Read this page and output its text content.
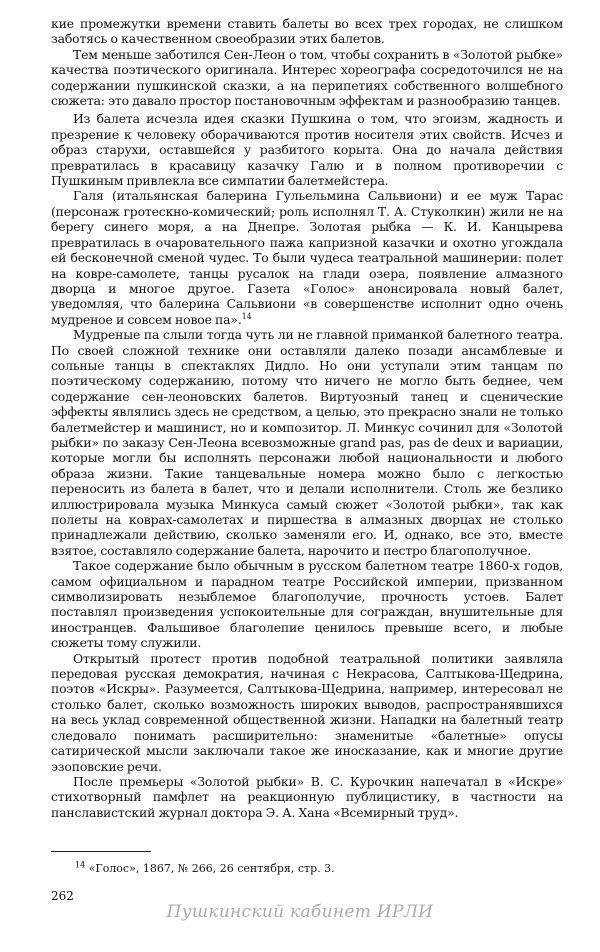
кие промежутки времени ставить балеты во всех трех городах, не слишком заботясь о качественном своеобразии этих балетов.

Тем меньше заботился Сен-Леон о том, чтобы сохранить в «Золотой рыбке» качества поэтического оригинала. Интерес хореографа сосредоточился не на содержании пушкинской сказки, а на перипетиях собственного волшебного сюжета: это давало простор постановочным эффектам и разнообразию танцев.

Из балета исчезла идея сказки Пушкина о том, что эгоизм, жадность и презрение к человеку оборачиваются против носителя этих свойств. Исчез и образ старухи, оставшейся у разбитого корыта. Она до начала действия превратилась в красавицу казачку Галю и в полном противоречии с Пушкиным привлекла все симпатии балетмейстера.

Галя (итальянская балерина Гульельмина Сальвиони) и ее муж Тарас (персонаж гротескно-комический; роль исполнял Т. А. Стуколкин) жили не на берегу синего моря, а на Днепре. Золотая рыбка — К. И. Канцырева превратилась в очаровательного пажа капризной казачки и охотно угождала ей бесконечной сменой чудес. То были чудеса театральной машинерии: полет на ковре-самолете, танцы русалок на глади озера, появление алмазного дворца и многое другое. Газета «Голос» анонсировала новый балет, уведомляя, что балерина Сальвиони «в совершенстве исполнит одно очень мудреное и совсем новое па».$^{14}$

Мудреные па слыли тогда чуть ли не главной приманкой балетного театра. По своей сложной технике они оставляли далеко позади ансамблевые и сольные танцы в спектаклях Дидло. Но они уступали этим танцам по поэтическому содержанию, потому что ничего не могло быть беднее, чем содержание сен-леоновских балетов. Виртуозный танец и сценические эффекты являлись здесь не средством, а целью, это прекрасно знали не только балетмейстер и машинист, но и композитор. Л. Минкус сочинил для «Золотой рыбки» по заказу Сен-Леона всевозможные grand pas, pas de deux и вариации, которые могли бы исполнять персонажи любой национальности и любого образа жизни. Такие танцевальные номера можно было с легкостью переносить из балета в балет, что и делали исполнители. Столь же безлико иллюстрировала музыка Минкуса самый сюжет «Золотой рыбки», так как полеты на коврах-самолетах и пиршества в алмазных дворцах не столько принадлежали действию, сколько заменяли его. И, однако, все это, вместе взятое, составляло содержание балета, нарочито и пестро благополучное.

Такое содержание было обычным в русском балетном театре 1860-х годов, самом официальном и парадном театре Российской империи, призванном символизировать незыблемое благополучие, прочность устоев. Балет поставлял произведения успокоительные для сограждан, внушительные для иностранцев. Фальшивое благолепие ценилось превыше всего, и любые сюжеты тому служили.

Открытый протест против подобной театральной политики заявляла передовая русская демократия, начиная с Некрасова, Салтыкова-Щедрина, поэтов «Искры». Разумеется, Салтыкова-Щедрина, например, интересовал не столько балет, сколько возможность широких выводов, распространявшихся на весь уклад современной общественной жизни. Нападки на балетный театр следовало понимать расширительно: знаменитые «балетные» опусы сатирической мысли заключали такое же иносказание, как и многие другие эзоповские речи.

После премьеры «Золотой рыбки» В. С. Курочкин напечатал в «Искре» стихотворный памфлет на реакционную публицистику, в частности на панславистский журнал доктора Э. А. Хана «Всемирный труд».

$^{14}$ «Голос», 1867, № 266, 26 сентября, стр. 3.
262
Пушкинский кабинет ИРЛИ
